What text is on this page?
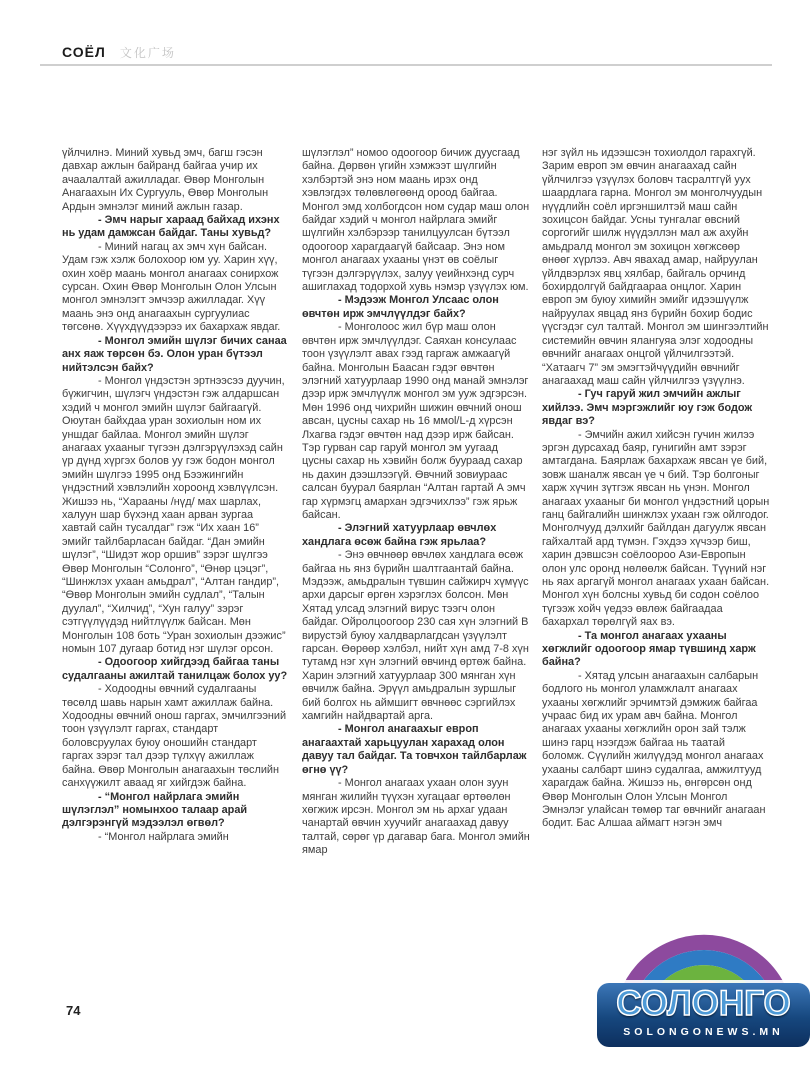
СОЁЛ 文化广场

үйлчилнэ. Миний хувьд эмч, багш гэсэн давхар ажлын байранд байгаа учир их ачаалалтай ажилладаг. Өвөр Монголын Анагаахын Их Сургууль, Өвөр Монголын Ардын эмнэлэг миний ажлын газар.

- Эмч нарыг хараад байхад ихэнх нь удам дамжсан байдаг. Таны хувьд?

- Миний нагац ах эмч хүн байсан. Удам гэж хэлж болохоор юм уу. Харин хүү, охин хоёр маань монгол анагаах сонирхож сурсан. Охин Өвөр Монголын Олон Улсын монгол эмнэлэгт эмчээр ажилладаг. Хүү маань энэ онд анагаахын сургуулиас төгсөнө. Хүүхдүүдээрээ их бахархаж явдаг.

- Монгол эмийн шүлэг бичих санаа анх яаж төрсөн бэ. Олон уран бүтээл нийтэлсэн байх?

- Монгол үндэстэн эртнээсээ дуучин, бүжигчин, шүлэгч үндэстэн гэж алдаршсан хэдий ч монгол эмийн шүлэг байгаагүй. Оюутан байхдаа уран зохиолын ном их уншдаг байлаа. Монгол эмийн шүлэг анагаах ухааныг түгээн дэлгэрүүлэхэд сайн үр дүнд хүргэх болов уу гэж бодон монгол эмийн шүлгээ 1995 онд Бээжингийн үндэстний хэвлэлийн хороонд хэвлүүлсэн. Жишээ нь, “Харааны /нүд/ мах шарлах, халуун шар бүхэнд хаан арван зургаа хавтай сайн тусалдаг” гэж “Их хаан 16” эмийг тайлбарласан байдаг. “Дан эмийн шүлэг”, “Шидэт жор оршив” зэрэг шүлгээ Өвөр Монголын “Солонго”, “Өнөр цэцэг”, “Шинжлэх ухаан амьдрал”, “Алтан гандир”, “Өвөр Монголын эмийн судлал”, “Талын дуулал”, “Хилчид”, “Хун галуу” зэрэг сэтгүүлүүдэд нийтлүүлж байсан. Мөн Монголын 108 боть “Уран зохиолын дээжис” номын 107 дугаар ботид нэг шүлэг орсон.

- Одоогоор хийгдээд байгаа таны судалгааны ажилтай танилцаж болох уу?

- Ходоодны өвчний судалгааны төсөлд шавь нарын хамт ажиллаж байна. Ходоодны өвчний онош гаргах, эмчилгээний тоон үзүүлэлт гаргах, стандарт боловсруулах буюу оношийн стандарт гаргах зэрэг тал дээр түлхүү ажиллаж байна. Өвөр Монголын анагаахын төслийн санхүүжилт аваад яг хийгдэж байна.

- “Монгол найрлага эмийн шүлэглэл” номынхоо талаар арай дэлгэрэнгүй мэдээлэл өгвөл?

- “Монгол найрлага эмийн

шүлэглэл” номоо одоогоор бичиж дуусгаад байна. Дөрвөн үгийн хэмжээт шүлгийн хэлбэртэй энэ ном маань ирэх онд хэвлэгдэх төлөвлөгөөнд ороод байгаа. Монгол эмд холбогдсон ном судар маш олон байдаг хэдий ч монгол найрлага эмийг шүлгийн хэлбэрээр танилцуулсан бүтээл одоогоор харагдаагүй байсаар. Энэ ном монгол анагаах ухааны үнэт өв соёлыг түгээн дэлгэрүүлэх, залуу үеийнхэнд сурч ашиглахад тодорхой хувь нэмэр үзүүлэх юм.

- Мэдээж Монгол Улсаас олон өвчтөн ирж эмчлүүлдэг байх?

- Монголоос жил бүр маш олон өвчтөн ирж эмчлүүлдэг. Саяхан консулаас тоон үзүүлэлт авах гээд гаргаж амжаагүй байна. Монголын Баасан гэдэг өвчтөн элэгний хатуурлаар 1990 онд манай эмнэлэг дээр ирж эмчлүүлж монгол эм ууж эдгэрсэн. Мөн 1996 онд чихрийн шижин өвчний онош авсан, цусны сахар нь 16 ммоl/L-д хүрсэн Лхагва гэдэг өвчтөн над дээр ирж байсан. Тэр гурван сар гаруй монгол эм уугаад цусны сахар нь хэвийн болж буураад сахар нь дахин дээшлээгүй. Өвчний зовиураас салсан буурал баярлан “Алтан гартай А эмч гар хүрмэгц амархан эдгэчихлээ” гэж ярьж байсан.

- Элэгний хатуурлаар өвчлөх хандлага өсөж байна гэж ярьлаа?

- Энэ өвчнөөр өвчлөх хандлага өсөж байгаа нь янз бүрийн шалтгаантай байна. Мэдээж, амьдралын түвшин сайжирч хүмүүс архи дарсыг өргөн хэрэглэх болсон. Мөн Хятад улсад элэгний вирус тээгч олон байдаг. Ойролцоогоор 230 сая хүн элэгний В вирустэй буюу халдварлагдсан үзүүлэлт гарсан. Өөрөөр хэлбэл, нийт хүн амд 7-8 хүн тутамд нэг хүн элэгний өвчинд өртөж байна. Харин элэгний хатуурлаар 300 мянган хүн өвчилж байна. Эрүүл амьдралын зуршлыг бий болгох нь аймшигт өвчнөөс сэргийлэх хамгийн найдвартай арга.

- Монгол анагаахыг европ анагаахтай харьцуулан харахад олон давуу тал байдаг. Та товчхон тайлбарлаж өгнө үү?

- Монгол анагаах ухаан олон зуун мянган жилийн түүхэн хугацааг өртөөлөн хөгжиж ирсэн. Монгол эм нь архаг удаан чанартай өвчин хуучийг анагаахад давуу талтай, сөрөг үр дагавар бага. Монгол эмийн ямар

нэг зүйл нь идээшсэн тохиолдол гарахгүй. Зарим европ эм өвчин анагаахад сайн үйлчилгээ үзүүлэх боловч тасралтгүй уух шаардлага гарна. Монгол эм монголчуудын нүүдлийн соёл иргэншилтэй маш сайн зохицсон байдаг. Усны тунгалаг өвсний соргогийг шилж нүүдэллэн мал аж ахуйн амьдралд монгол эм зохицон хөгжсөөр өнөөг хүрлээ. Авч явахад амар, найруулан үйлдвэрлэх явц хялбар, байгаль орчинд бохирдолгүй байдгаараа онцлог. Харин европ эм буюу химийн эмийг идээшүүлж найруулах явцад янз бүрийн бохир бодис үүсгэдэг сул талтай. Монгол эм шингээлтийн системийн өвчин ялангуяа элэг ходоодны өвчнийг анагаах онцгой үйлчилгээтэй. “Хатаагч 7” эм эмэгтэйчүүдийн өвчнийг анагаахад маш сайн үйлчилгээ үзүүлнэ.

- Гуч гаруй жил эмчийн ажлыг хийлээ. Эмч мэргэжлийг юу гэж бодож явдаг вэ?

- Эмчийн ажил хийсэн гучин жилээ эргэн дурсахад баяр, гунигийн амт зэрэг амтагдана. Баярлаж бахархаж явсан үе бий, зовж шаналж явсан үе ч бий. Тэр болгоныг харж хүчин зүтгэж явсан нь үнэн. Монгол анагаах ухааныг би монгол үндэстний цорын ганц байгалийн шинжлэх ухаан гэж ойлгодог. Монголчууд дэлхийг байлдан дагуулж явсан гайхалтай ард түмэн. Гэхдээ хүчээр биш, харин дэвшсэн соёлоороо Ази-Европын олон улс оронд нөлөөлж байсан. Түүний нэг нь яах аргагүй монгол анагаах ухаан байсан. Монгол хүн болсны хувьд би содон соёлоо түгээж хойч үедээ өвлөж байгаадаа бахархал төрөлгүй яах вэ.

- Та монгол анагаах ухааны хөгжлийг одоогоор ямар түвшинд харж байна?

- Хятад улсын анагаахын салбарын бодлого нь монгол уламжлалт анагаах ухааны хөгжлийг эрчимтэй дэмжиж байгаа учраас бид их урам авч байна. Монгол анагаах ухааны хөгжлийн орон зай тэлж шинэ гарц нээгдэж байгаа нь таатай боломж. Сүүлийн жилүүдэд монгол анагаах ухааны салбарт шинэ судалгаа, амжилтууд харагдаж байна. Жишээ нь, өнгөрсөн онд Өвөр Монголын Олон Улсын Монгол Эмнэлэг улайсан төмөр таг өвчнийг анагаан бодит. Бас Алшаа аймагт нэгэн эмч

74	СОЛОНГО
SOLONGONEWS.MN
